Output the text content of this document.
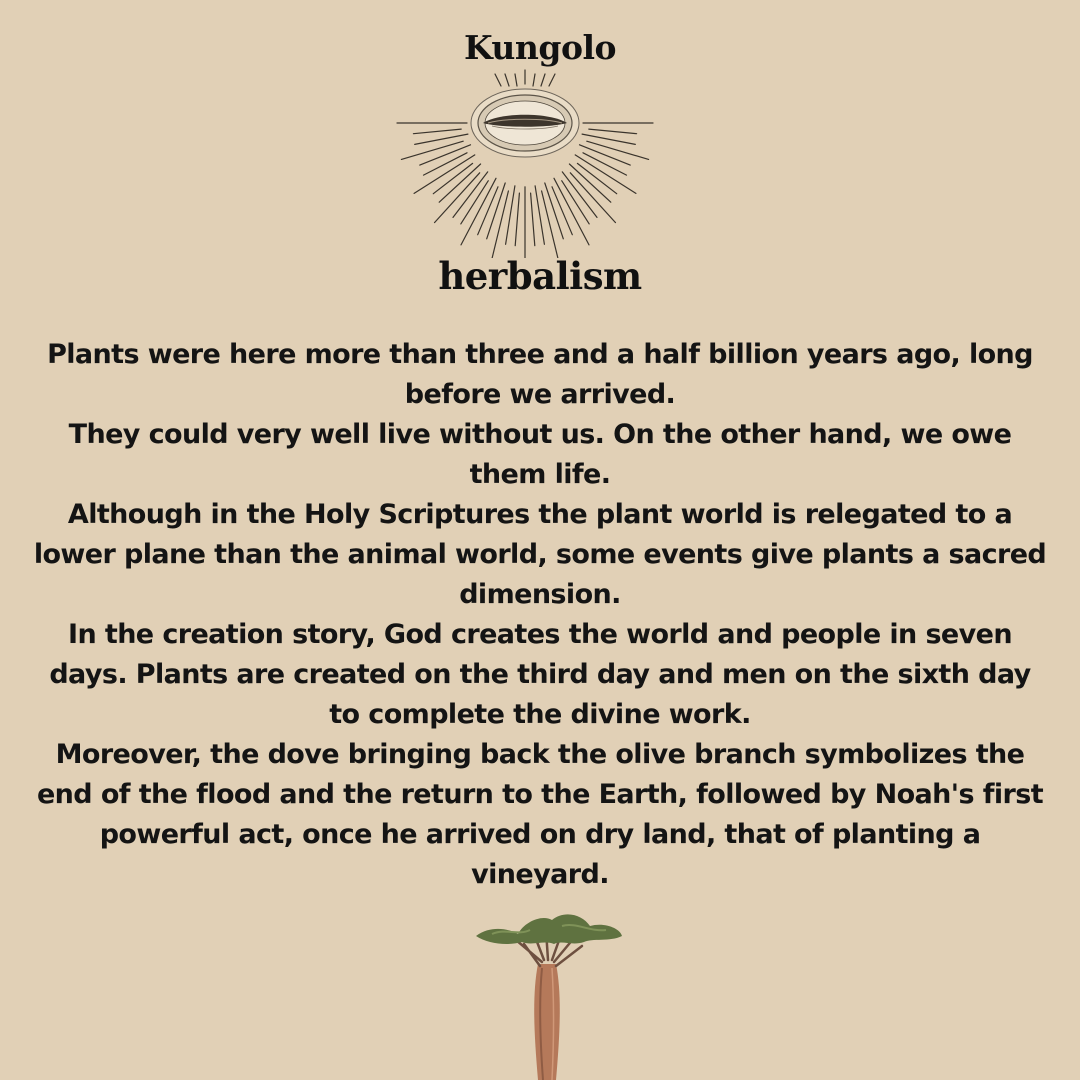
Kungolo
herbalism

Plants were here more than three and a half billion years ago, long before we arrived.

They could very well live without us. On the other hand, we owe them life.

Although in the Holy Scriptures the plant world is relegated to a lower plane than the animal world, some events give plants a sacred dimension.

In the creation story, God creates the world and people in seven days. Plants are created on the third day and men on the sixth day to complete the divine work.

Moreover, the dove bringing back the olive branch symbolizes the end of the flood and the return to the Earth, followed by Noah's first powerful act, once he arrived on dry land, that of planting a vineyard.
